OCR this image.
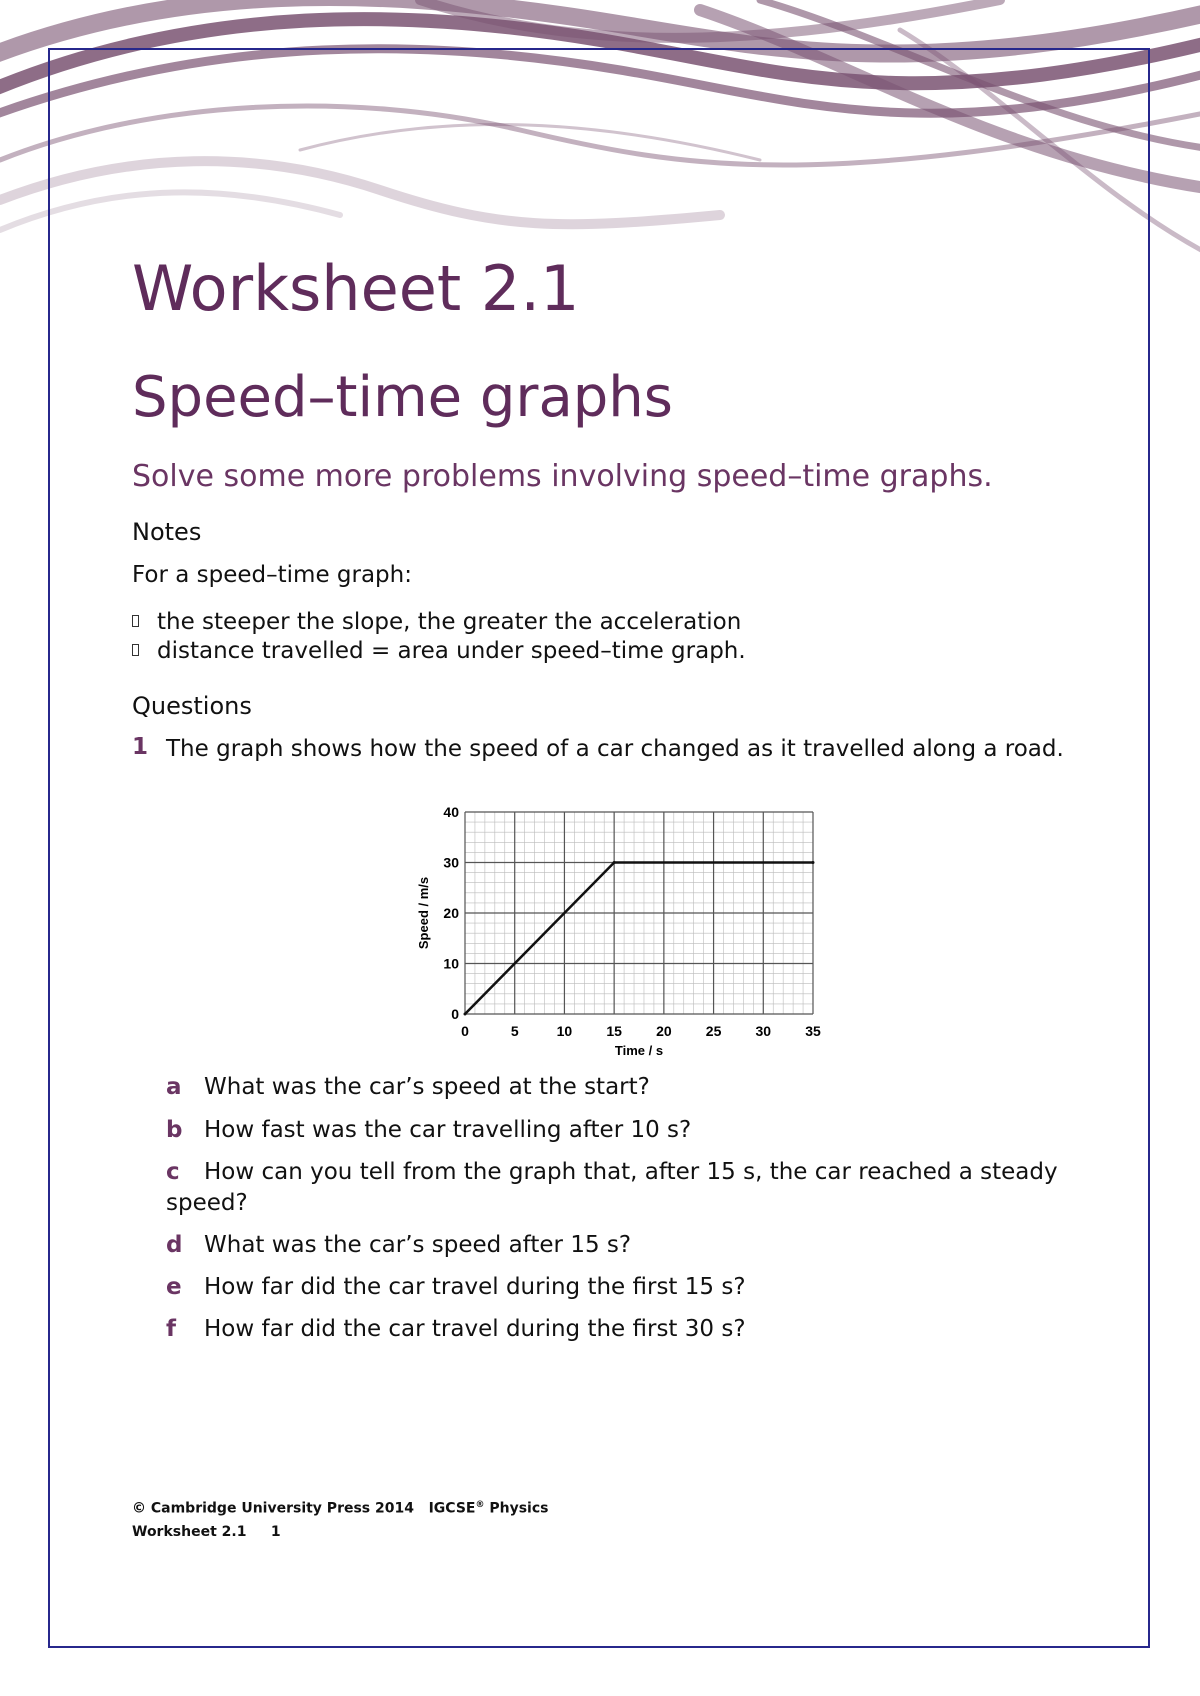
Worksheet 2.1
Speed–time graphs
Solve some more problems involving speed–time graphs.
Notes
For a speed–time graph:
the steeper the slope, the greater the acceleration
distance travelled = area under speed–time graph.
Questions
1 The graph shows how the speed of a car changed as it travelled along a road.
0	5	10 15 20 25 30 35
0
10
20
30
40
Time / s
Speed / m/s
a What was the car’s speed at the start?
b How fast was the car travelling after 10 s?
c How can you tell from the graph that, after 15 s, the car reached a steady speed?
d What was the car’s speed after 15 s?
e How far did the car travel during the first 15 s?
f How far did the car travel during the first 30 s?
© Cambridge University Press 2014 IGCSE® Physics
Worksheet 2.1 1
